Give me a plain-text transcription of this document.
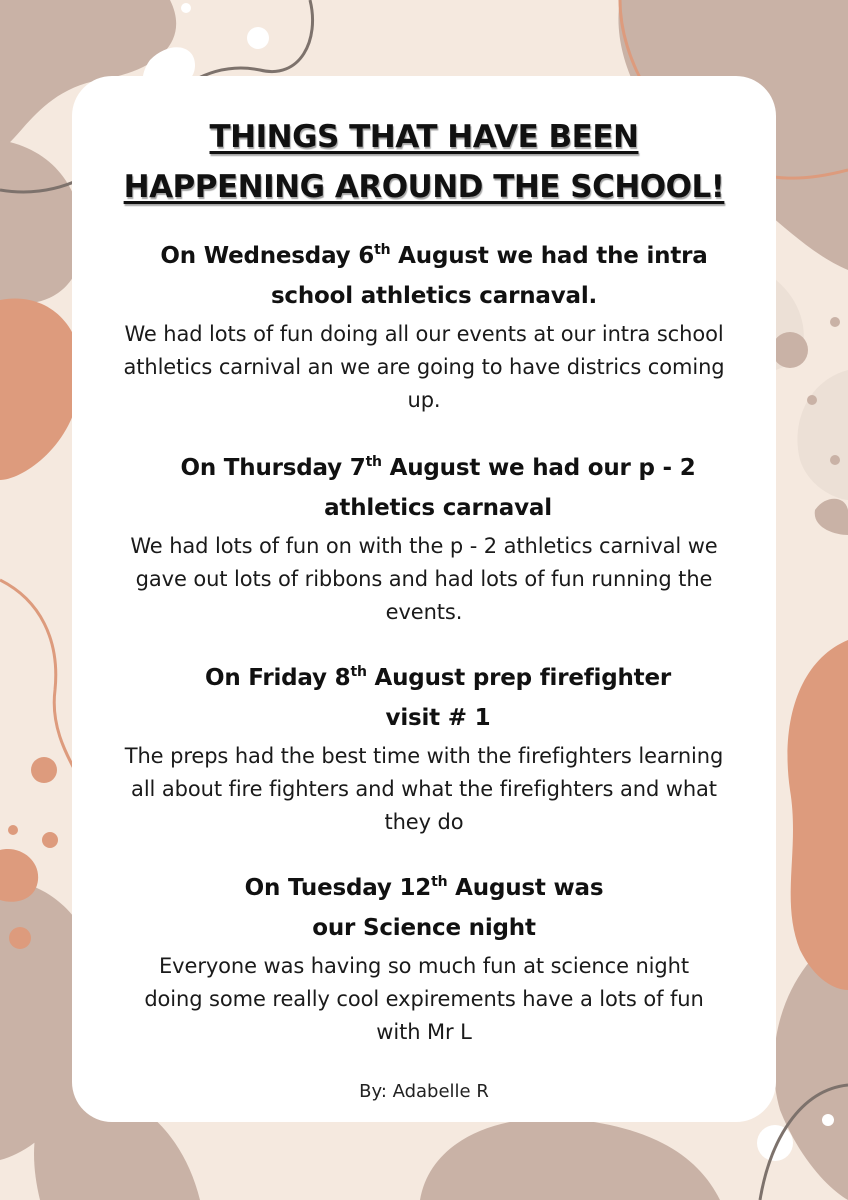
THINGS THAT HAVE BEEN
HAPPENING AROUND THE SCHOOL!
On Wednesday 6th August we had the intra
school athletics carnaval.
We had lots of fun doing all our events at our intra school
athletics carnival an we are going to have districs coming
up.
On Thursday 7th August we had our p - 2
athletics carnaval
We had lots of fun on with the p - 2 athletics carnival we
gave out lots of ribbons and had lots of fun running the
events.
On Friday 8th August prep firefighter
visit # 1
The preps had the best time with the firefighters learning
all about fire fighters and what the firefighters and what
they do
On Tuesday 12th August was
our Science night
Everyone was having so much fun at science night
doing some really cool expirements have a lots of fun
with Mr L
By: Adabelle R
